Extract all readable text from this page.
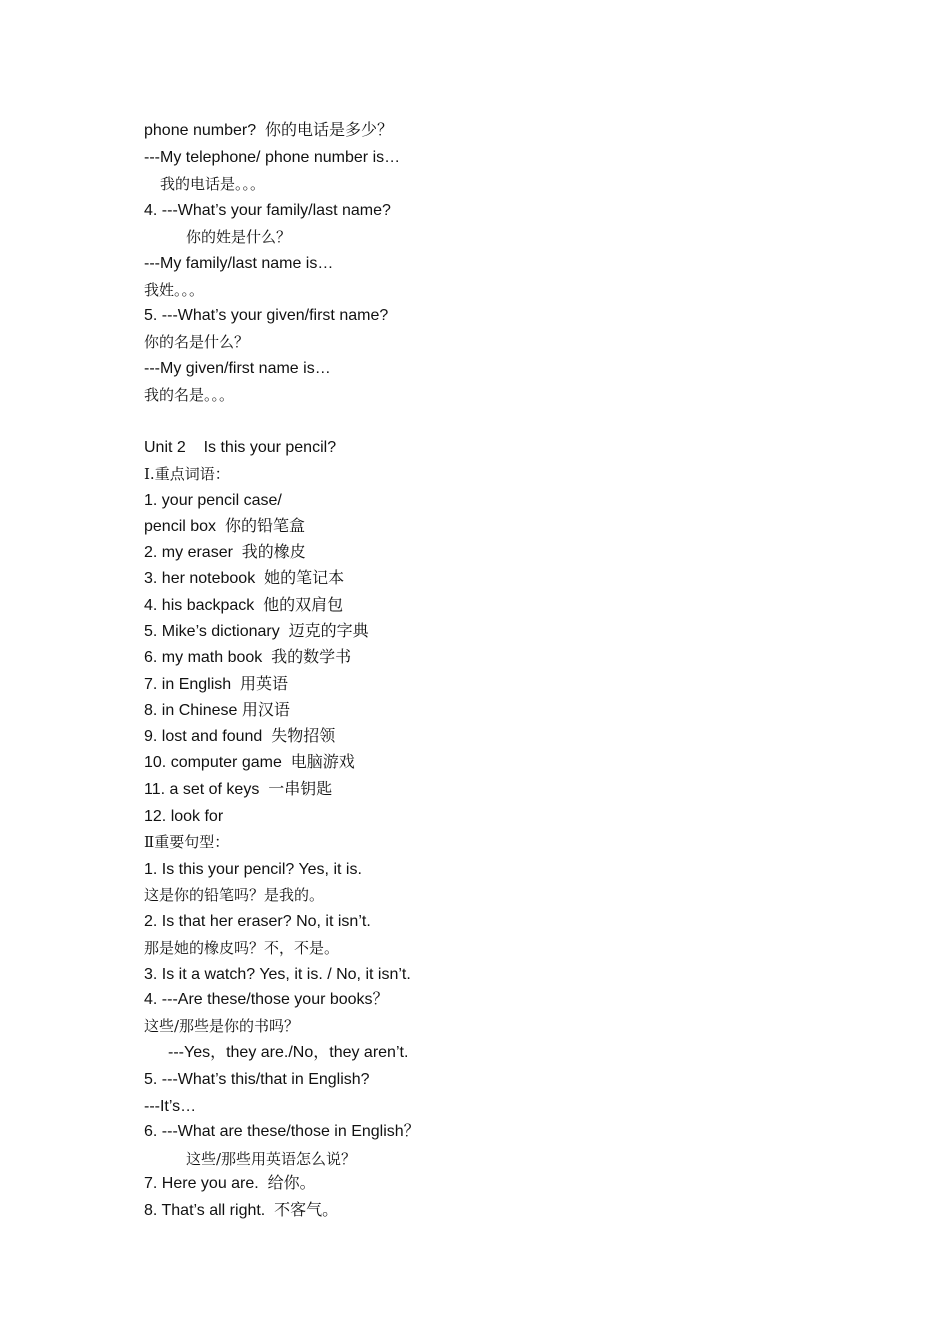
phone number?  你的电话是多少？
---My telephone/ phone number is…
我的电话是。。。
4. ---What’s your family/last name?
你的姓是什么？
---My family/last name is…
我姓。。。
5. ---What’s your given/first name?
你的名是什么？
---My given/first name is…
我的名是。。。
Unit 2    Is this your pencil?
Ⅰ.重点词语：
1. your pencil case/
pencil box  你的铅笔盒
2. my eraser  我的橡皮
3. her notebook  她的笔记本
4. his backpack  他的双肩包
5. Mike’s dictionary  迈克的字典
6. my math book  我的数学书
7. in English  用英语
8. in Chinese 用汉语
9. lost and found  失物招领
10. computer game  电脑游戏
11. a set of keys  一串钥匙
12. look for
Ⅱ重要句型：
1. Is this your pencil? Yes, it is.
这是你的铅笔吗？是我的。
2. Is that her eraser? No, it isn’t.
那是她的橡皮吗？不，不是。
3. Is it a watch? Yes, it is. / No, it isn’t.
4. ---Are these/those your books？
这些/那些是你的书吗？
---Yes，they are./No，they aren’t.
5. ---What’s this/that in English?
---It’s…
6. ---What are these/those in English？
这些/那些用英语怎么说？
7. Here you are.  给你。
8. That’s all right.  不客气。
